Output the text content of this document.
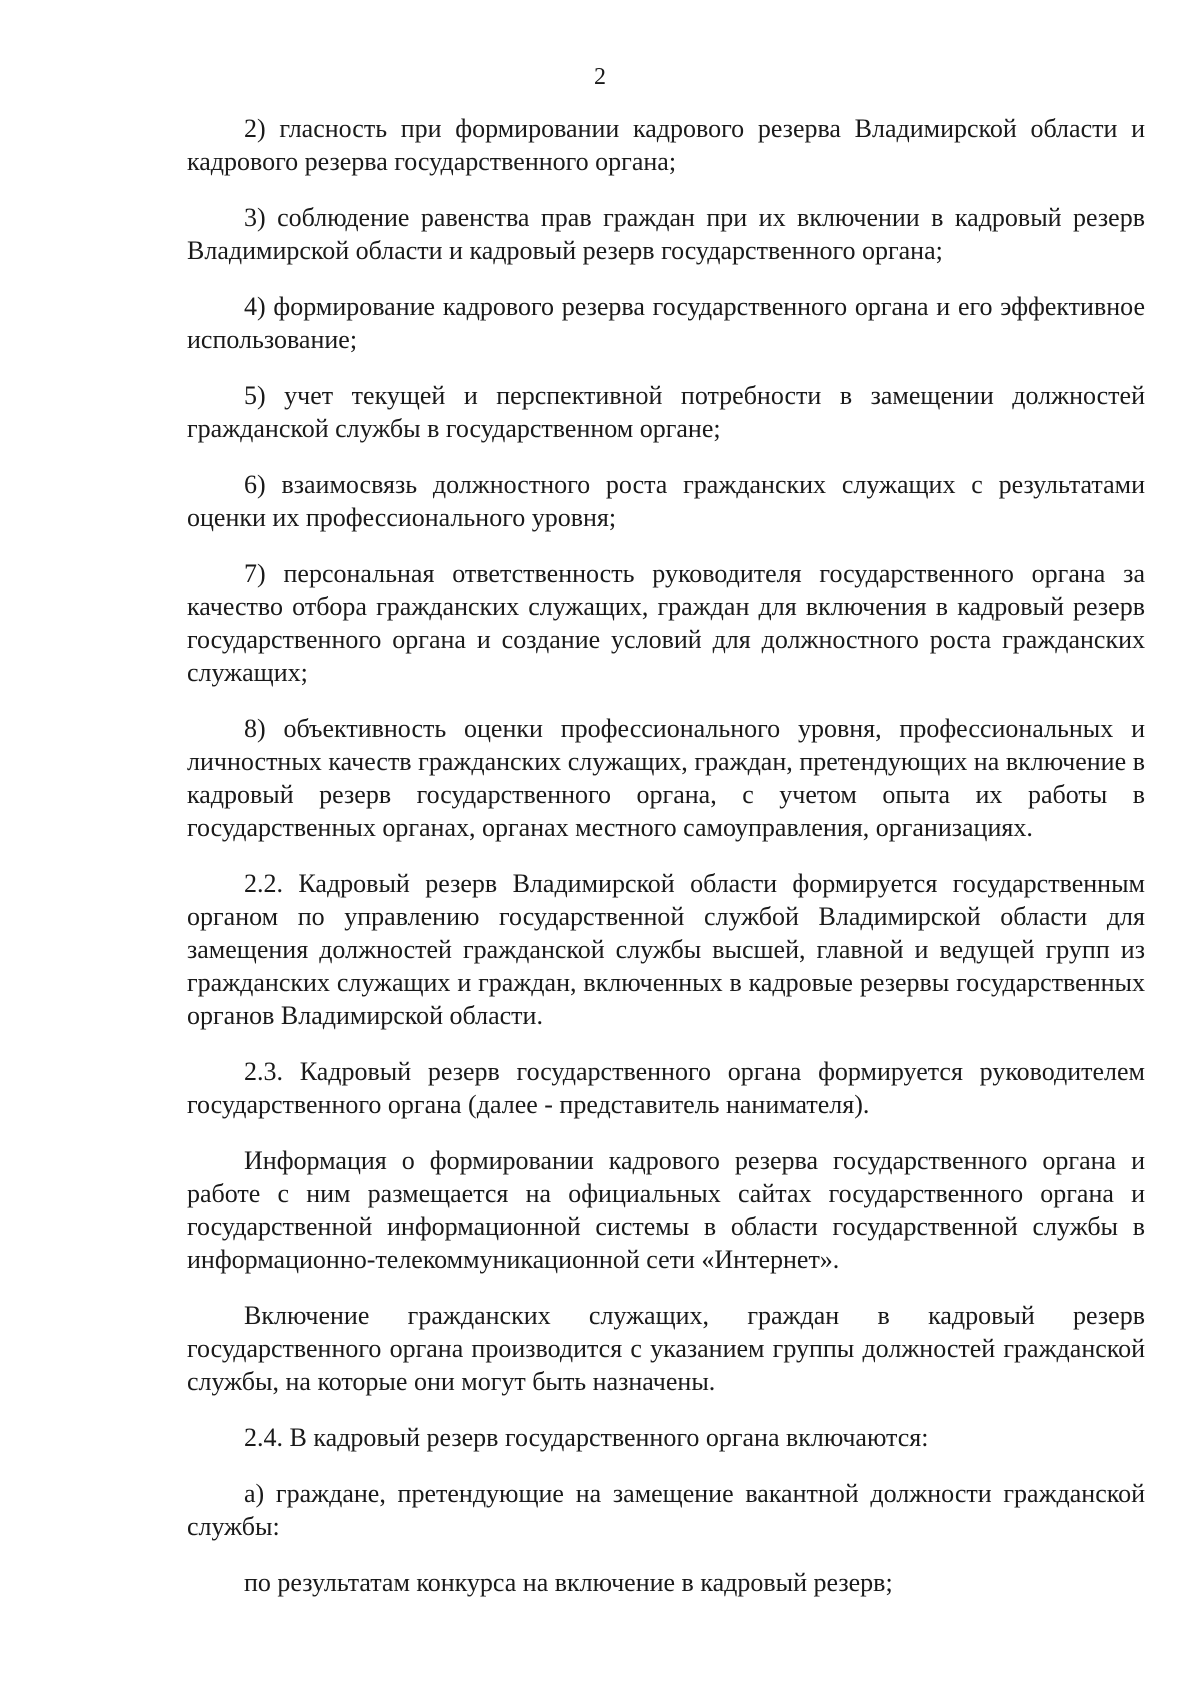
2

2) гласность при формировании кадрового резерва Владимирской области и кадрового резерва государственного органа;

3) соблюдение равенства прав граждан при их включении в кадровый резерв Владимирской области и кадровый резерв государственного органа;

4) формирование кадрового резерва государственного органа и его эффективное использование;

5) учет текущей и перспективной потребности в замещении должностей гражданской службы в государственном органе;

6) взаимосвязь должностного роста гражданских служащих с результатами оценки их профессионального уровня;

7) персональная ответственность руководителя государственного органа за качество отбора гражданских служащих, граждан для включения в кадровый резерв государственного органа и создание условий для должностного роста гражданских служащих;

8) объективность оценки профессионального уровня, профессиональных и личностных качеств гражданских служащих, граждан, претендующих на включение в кадровый резерв государственного органа, с учетом опыта их работы в государственных органах, органах местного самоуправления, организациях.

2.2. Кадровый резерв Владимирской области формируется государственным органом по управлению государственной службой Владимирской области для замещения должностей гражданской службы высшей, главной и ведущей групп из гражданских служащих и граждан, включенных в кадровые резервы государственных органов Владимирской области.

2.3. Кадровый резерв государственного органа формируется руководителем государственного органа (далее - представитель нанимателя).

Информация о формировании кадрового резерва государственного органа и работе с ним размещается на официальных сайтах государственного органа и государственной информационной системы в области государственной службы в информационно-телекоммуникационной сети «Интернет».

Включение гражданских служащих, граждан в кадровый резерв государственного органа производится с указанием группы должностей гражданской службы, на которые они могут быть назначены.

2.4. В кадровый резерв государственного органа включаются:

а) граждане, претендующие на замещение вакантной должности гражданской службы:

по результатам конкурса на включение в кадровый резерв;
